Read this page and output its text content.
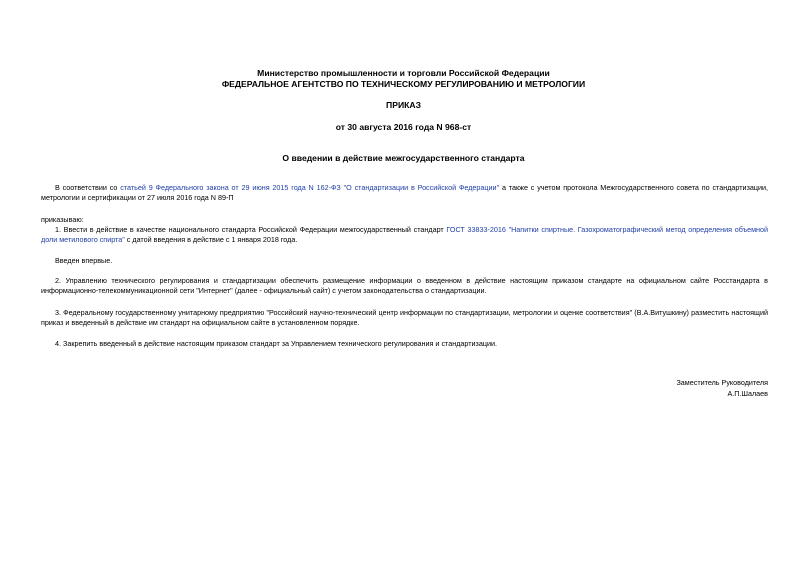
Министерство промышленности и торговли Российской Федерации
ФЕДЕРАЛЬНОЕ АГЕНТСТВО ПО ТЕХНИЧЕСКОМУ РЕГУЛИРОВАНИЮ И МЕТРОЛОГИИ
ПРИКАЗ
от 30 августа 2016 года N 968-ст
О введении в действие межгосударственного стандарта
В соответствии со статьей 9 Федерального закона от 29 июня 2015 года N 162-ФЗ "О стандартизации в Российской Федерации" а также с учетом протокола Межгосударственного совета по стандартизации, метрологии и сертификации от 27 июля 2016 года N 89-П
приказываю:
1. Ввести в действие в качестве национального стандарта Российской Федерации межгосударственный стандарт ГОСТ 33833-2016 "Напитки спиртные. Газохроматографический метод определения объемной доли метилового спирта" с датой введения в действие с 1 января 2018 года.
Введен впервые.
2. Управлению технического регулирования и стандартизации обеспечить размещение информации о введенном в действие настоящим приказом стандарте на официальном сайте Росстандарта в информационно-телекоммуникационной сети "Интернет" (далее - официальный сайт) с учетом законодательства о стандартизации.
3. Федеральному государственному унитарному предприятию "Российский научно-технический центр информации по стандартизации, метрологии и оценке соответствия" (В.А.Витушкину) разместить настоящий приказ и введенный в действие им стандарт на официальном сайте в установленном порядке.
4. Закрепить введенный в действие настоящим приказом стандарт за Управлением технического регулирования и стандартизации.
Заместитель Руководителя
А.П.Шалаев
